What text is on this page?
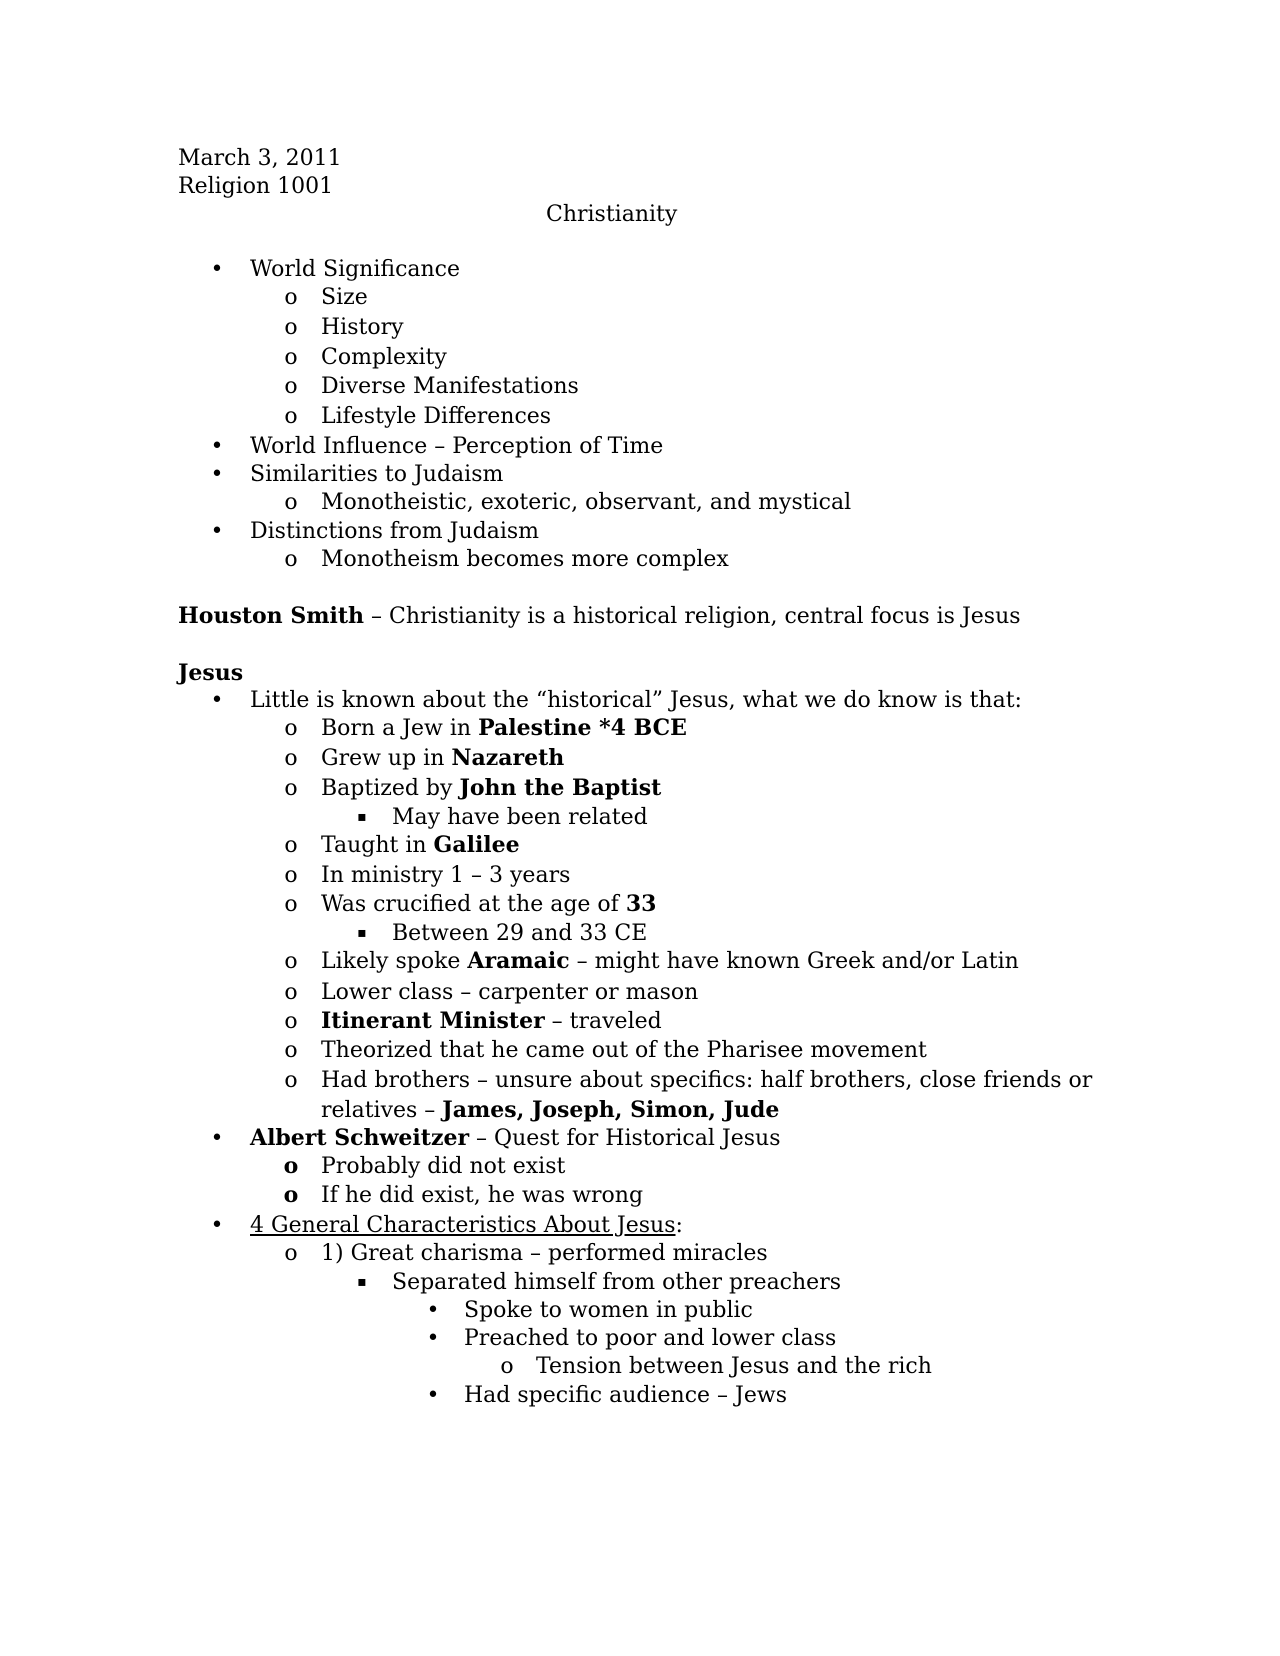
March 3, 2011
Religion 1001
Christianity
• World Significance
o Size
o History
o Complexity
o Diverse Manifestations
o Lifestyle Differences
• World Influence – Perception of Time
• Similarities to Judaism
o Monotheistic, exoteric, observant, and mystical
• Distinctions from Judaism
o Monotheism becomes more complex
Houston Smith – Christianity is a historical religion, central focus is Jesus
Jesus
• Little is known about the “historical” Jesus, what we do know is that:
o Born a Jew in Palestine *4 BCE
o Grew up in Nazareth
o Baptized by John the Baptist
▪ May have been related
o Taught in Galilee
o In ministry 1 – 3 years
o Was crucified at the age of 33
▪ Between 29 and 33 CE
o Likely spoke Aramaic – might have known Greek and/or Latin
o Lower class – carpenter or mason
o Itinerant Minister – traveled
o Theorized that he came out of the Pharisee movement
o Had brothers – unsure about specifics: half brothers, close friends or
relatives – James, Joseph, Simon, Jude
• Albert Schweitzer – Quest for Historical Jesus
o Probably did not exist
o If he did exist, he was wrong
• 4 General Characteristics About Jesus:
o 1) Great charisma – performed miracles
▪ Separated himself from other preachers
• Spoke to women in public
• Preached to poor and lower class
o Tension between Jesus and the rich
• Had specific audience – Jews
